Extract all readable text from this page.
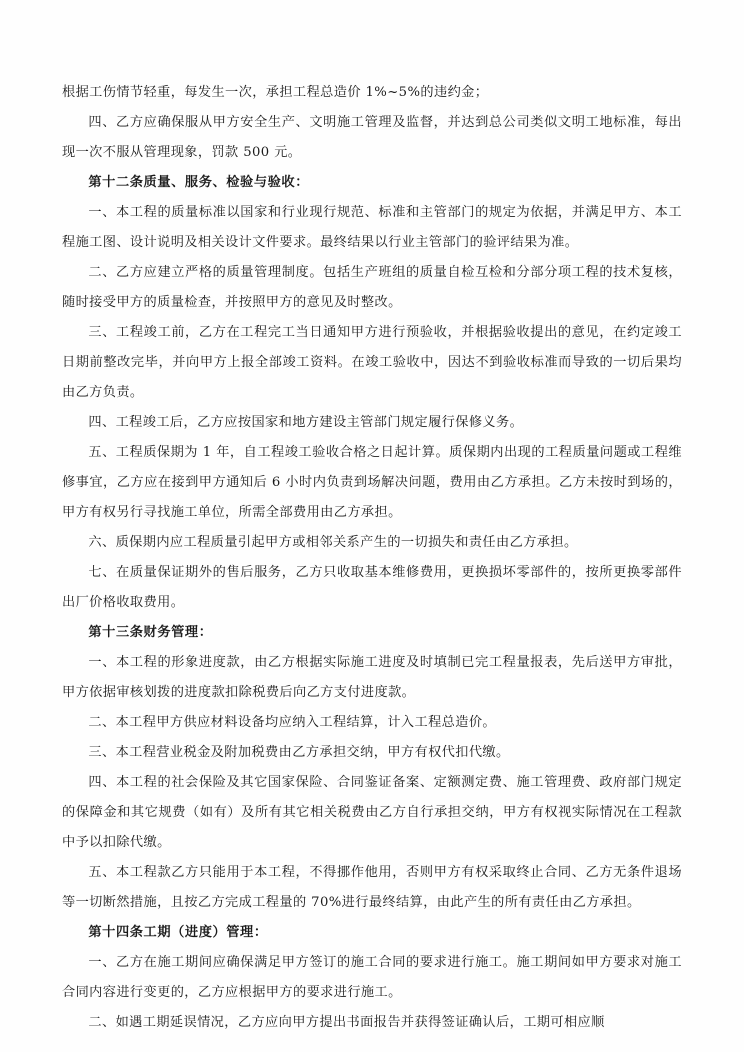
根据工伤情节轻重，每发生一次，承担工程总造价 1%~5%的违约金；

四、乙方应确保服从甲方安全生产、文明施工管理及监督，并达到总公司类似文明工地标准，每出现一次不服从管理现象，罚款 500 元。

第十二条质量、服务、检验与验收：

一、本工程的质量标准以国家和行业现行规范、标准和主管部门的规定为依据，并满足甲方、本工程施工图、设计说明及相关设计文件要求。最终结果以行业主管部门的验评结果为准。

二、乙方应建立严格的质量管理制度。包括生产班组的质量自检互检和分部分项工程的技术复核，随时接受甲方的质量检查，并按照甲方的意见及时整改。

三、工程竣工前，乙方在工程完工当日通知甲方进行预验收，并根据验收提出的意见，在约定竣工日期前整改完毕，并向甲方上报全部竣工资料。在竣工验收中，因达不到验收标准而导致的一切后果均由乙方负责。

四、工程竣工后，乙方应按国家和地方建设主管部门规定履行保修义务。

五、工程质保期为 1 年，自工程竣工验收合格之日起计算。质保期内出现的工程质量问题或工程维修事宜，乙方应在接到甲方通知后 6 小时内负责到场解决问题，费用由乙方承担。乙方未按时到场的，甲方有权另行寻找施工单位，所需全部费用由乙方承担。

六、质保期内应工程质量引起甲方或相邻关系产生的一切损失和责任由乙方承担。

七、在质量保证期外的售后服务，乙方只收取基本维修费用，更换损坏零部件的，按所更换零部件出厂价格收取费用。

第十三条财务管理：

一、本工程的形象进度款，由乙方根据实际施工进度及时填制已完工程量报表，先后送甲方审批，甲方依据审核划拨的进度款扣除税费后向乙方支付进度款。

二、本工程甲方供应材料设备均应纳入工程结算，计入工程总造价。

三、本工程营业税金及附加税费由乙方承担交纳，甲方有权代扣代缴。

四、本工程的社会保险及其它国家保险、合同鉴证备案、定额测定费、施工管理费、政府部门规定的保障金和其它规费（如有）及所有其它相关税费由乙方自行承担交纳，甲方有权视实际情况在工程款中予以扣除代缴。

五、本工程款乙方只能用于本工程，不得挪作他用，否则甲方有权采取终止合同、乙方无条件退场等一切断然措施，且按乙方完成工程量的 70%进行最终结算，由此产生的所有责任由乙方承担。

第十四条工期（进度）管理：

一、乙方在施工期间应确保满足甲方签订的施工合同的要求进行施工。施工期间如甲方要求对施工合同内容进行变更的，乙方应根据甲方的要求进行施工。

二、如遇工期延误情况，乙方应向甲方提出书面报告并获得签证确认后，工期可相应顺
